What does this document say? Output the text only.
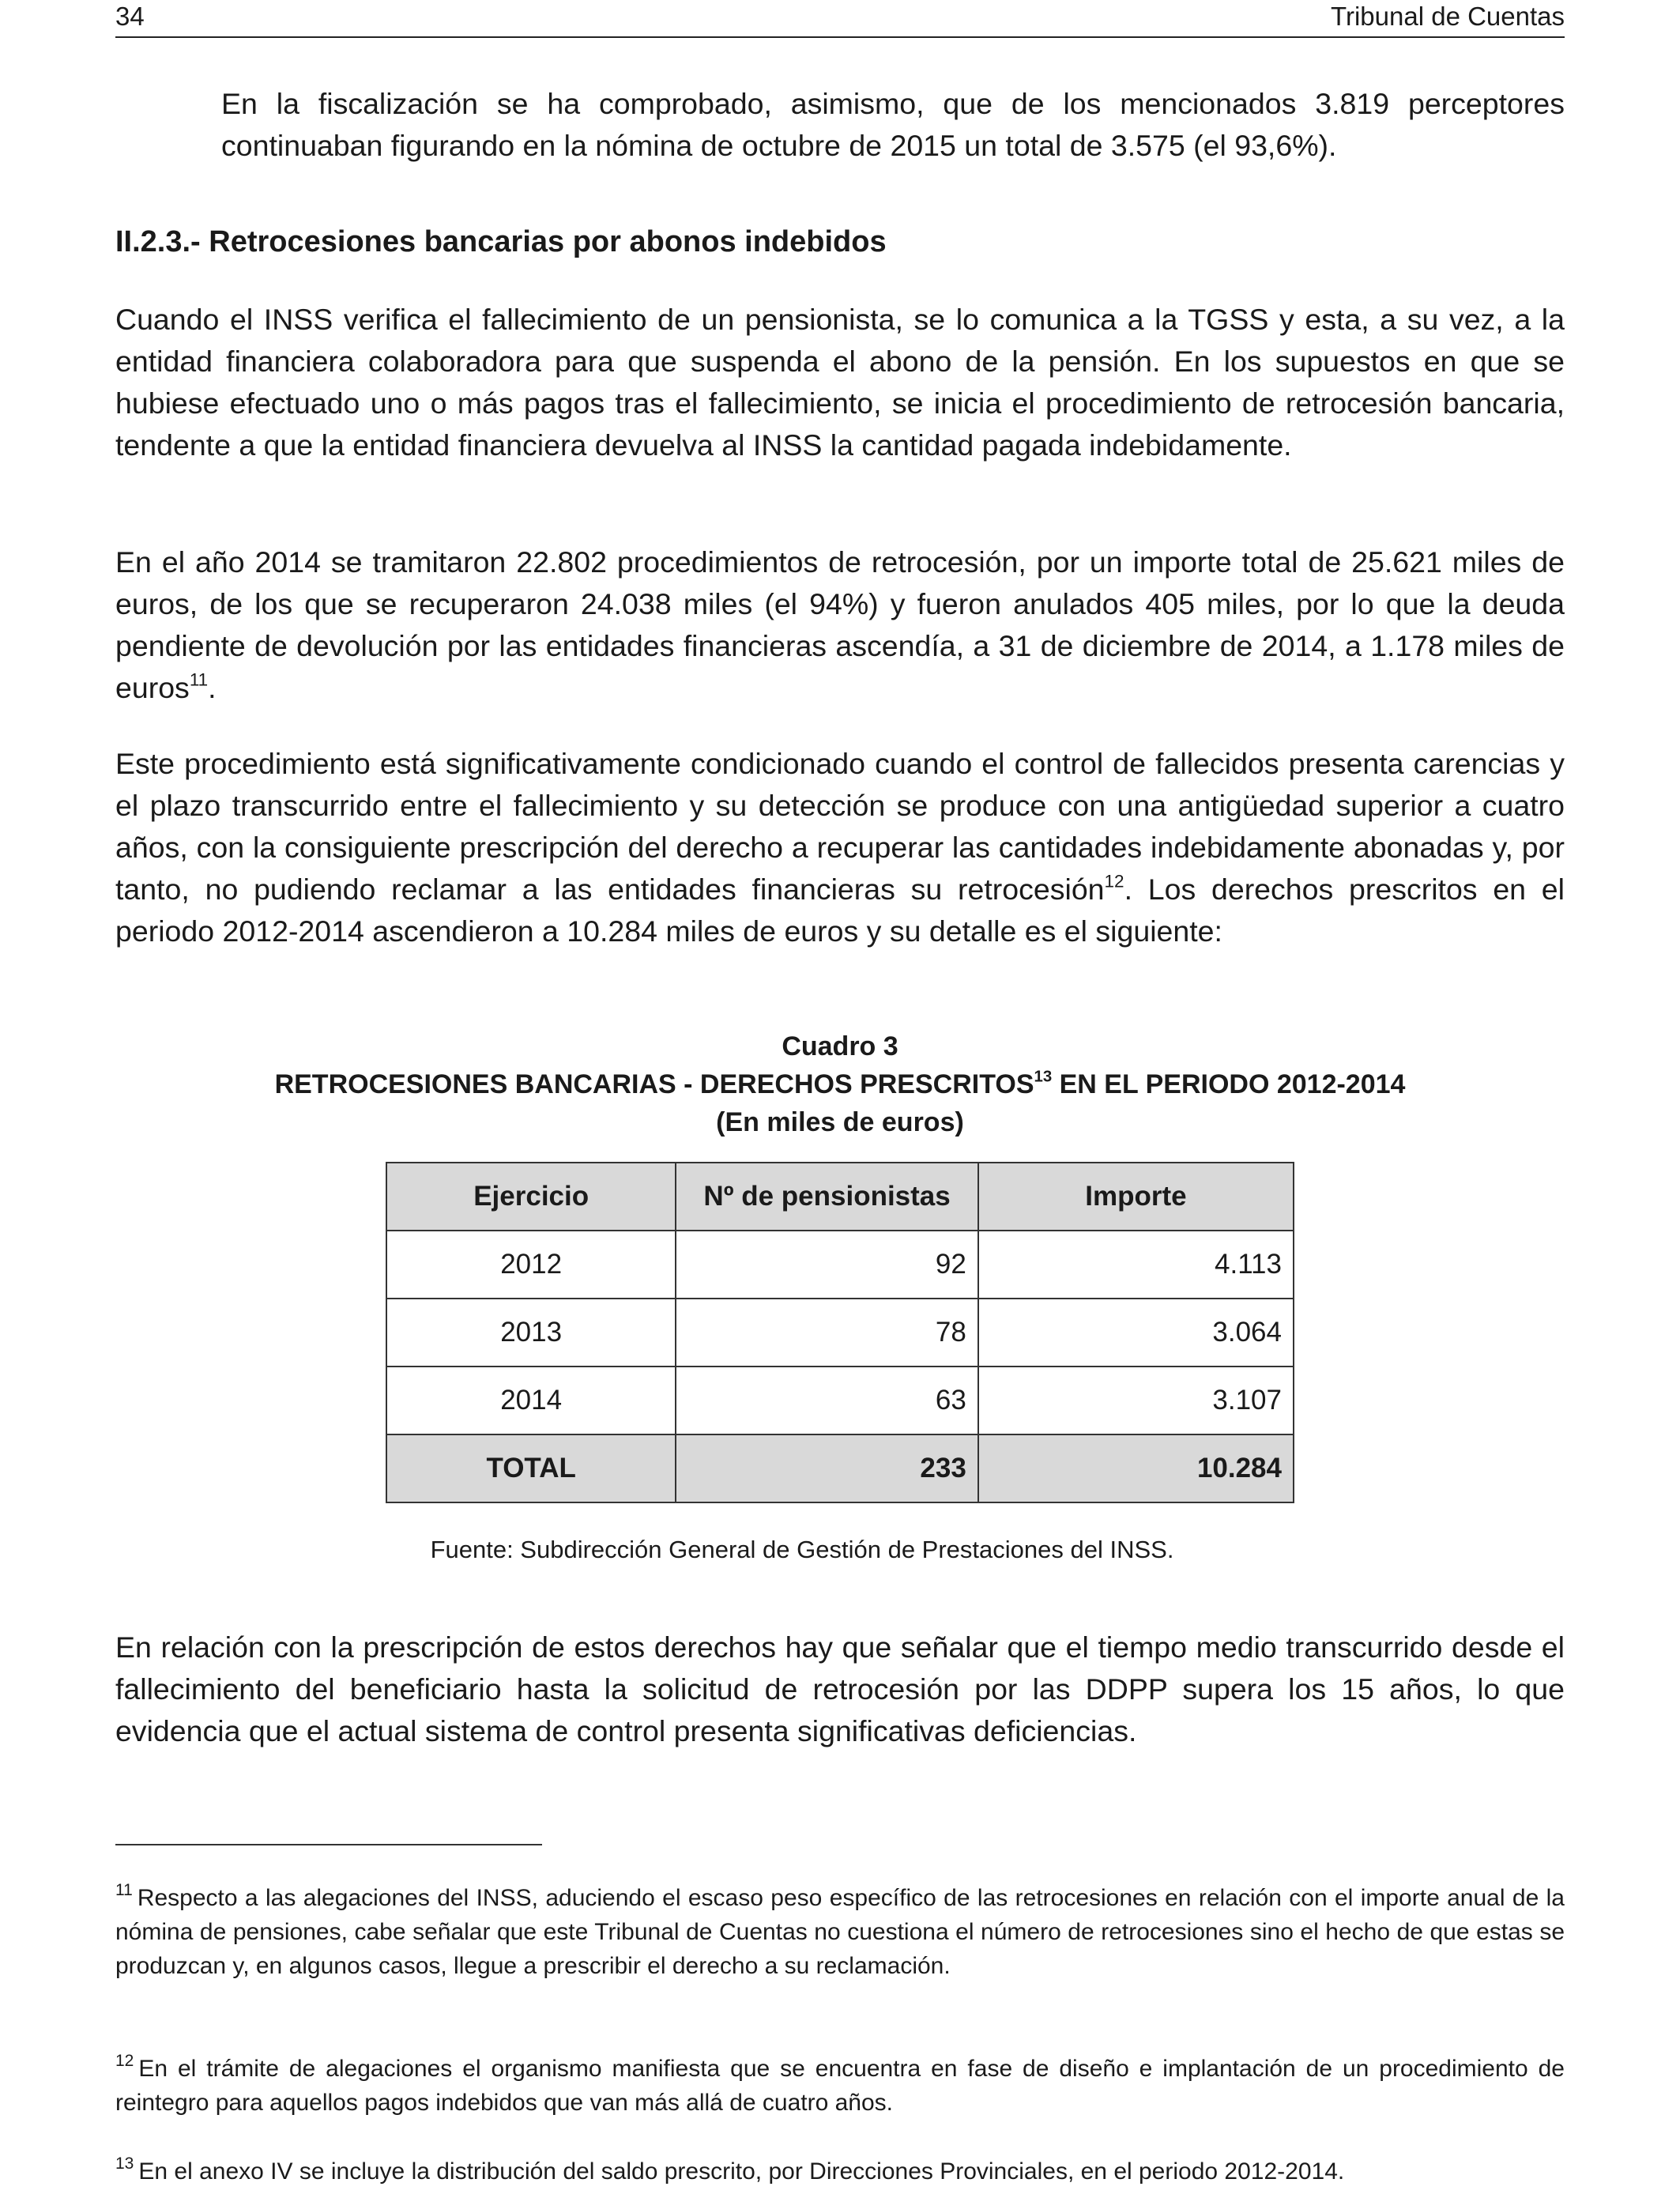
34	Tribunal de Cuentas

En la fiscalización se ha comprobado, asimismo, que de los mencionados 3.819 perceptores continuaban figurando en la nómina de octubre de 2015 un total de 3.575 (el 93,6%).

II.2.3.- Retrocesiones bancarias por abonos indebidos

Cuando el INSS verifica el fallecimiento de un pensionista, se lo comunica a la TGSS y esta, a su vez, a la entidad financiera colaboradora para que suspenda el abono de la pensión. En los supuestos en que se hubiese efectuado uno o más pagos tras el fallecimiento, se inicia el procedimiento de retrocesión bancaria, tendente a que la entidad financiera devuelva al INSS la cantidad pagada indebidamente.

En el año 2014 se tramitaron 22.802 procedimientos de retrocesión, por un importe total de 25.621 miles de euros, de los que se recuperaron 24.038 miles (el 94%) y fueron anulados 405 miles, por lo que la deuda pendiente de devolución por las entidades financieras ascendía, a 31 de diciembre de 2014, a 1.178 miles de euros$^{11}$.

Este procedimiento está significativamente condicionado cuando el control de fallecidos presenta carencias y el plazo transcurrido entre el fallecimiento y su detección se produce con una antigüedad superior a cuatro años, con la consiguiente prescripción del derecho a recuperar las cantidades indebidamente abonadas y, por tanto, no pudiendo reclamar a las entidades financieras su retrocesión$^{12}$. Los derechos prescritos en el periodo 2012-2014 ascendieron a 10.284 miles de euros y su detalle es el siguiente:

Cuadro 3

RETROCESIONES BANCARIAS - DERECHOS PRESCRITOS$^{13}$ EN EL PERIODO 2012-2014

(En miles de euros)

Ejercicio	Nº de pensionistas	Importe
2012	92	4.113
2013	78	3.064
2014	63	3.107
TOTAL	233	10.284

Fuente: Subdirección General de Gestión de Prestaciones del INSS.

En relación con la prescripción de estos derechos hay que señalar que el tiempo medio transcurrido desde el fallecimiento del beneficiario hasta la solicitud de retrocesión por las DDPP supera los 15 años, lo que evidencia que el actual sistema de control presenta significativas deficiencias.

$^{11}$ Respecto a las alegaciones del INSS, aduciendo el escaso peso específico de las retrocesiones en relación con el importe anual de la nómina de pensiones, cabe señalar que este Tribunal de Cuentas no cuestiona el número de retrocesiones sino el hecho de que estas se produzcan y, en algunos casos, llegue a prescribir el derecho a su reclamación.

$^{12}$ En el trámite de alegaciones el organismo manifiesta que se encuentra en fase de diseño e implantación de un procedimiento de reintegro para aquellos pagos indebidos que van más allá de cuatro años.

$^{13}$ En el anexo IV se incluye la distribución del saldo prescrito, por Direcciones Provinciales, en el periodo 2012-2014.
